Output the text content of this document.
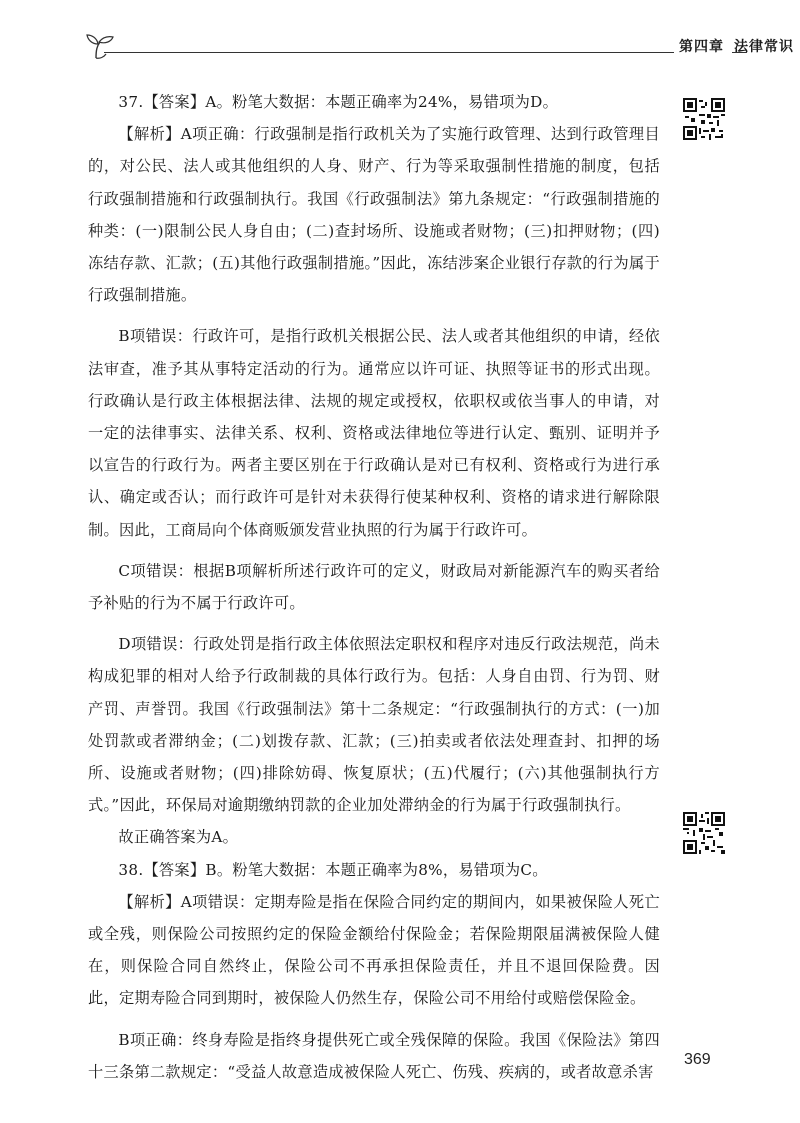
第四章 法律常识

37.【答案】A。粉笔大数据：本题正确率为24%，易错项为D。

【解析】A项正确：行政强制是指行政机关为了实施行政管理、达到行政管理目的，对公民、法人或其他组织的人身、财产、行为等采取强制性措施的制度，包括行政强制措施和行政强制执行。我国《行政强制法》第九条规定：“行政强制措施的种类：(一)限制公民人身自由；(二)查封场所、设施或者财物；(三)扣押财物；(四)冻结存款、汇款；(五)其他行政强制措施。”因此，冻结涉案企业银行存款的行为属于行政强制措施。

B项错误：行政许可，是指行政机关根据公民、法人或者其他组织的申请，经依法审查，准予其从事特定活动的行为。通常应以许可证、执照等证书的形式出现。行政确认是行政主体根据法律、法规的规定或授权，依职权或依当事人的申请，对一定的法律事实、法律关系、权利、资格或法律地位等进行认定、甄别、证明并予以宣告的行政行为。两者主要区别在于行政确认是对已有权利、资格或行为进行承认、确定或否认；而行政许可是针对未获得行使某种权利、资格的请求进行解除限制。因此，工商局向个体商贩颁发营业执照的行为属于行政许可。

C项错误：根据B项解析所述行政许可的定义，财政局对新能源汽车的购买者给予补贴的行为不属于行政许可。

D项错误：行政处罚是指行政主体依照法定职权和程序对违反行政法规范，尚未构成犯罪的相对人给予行政制裁的具体行政行为。包括：人身自由罚、行为罚、财产罚、声誉罚。我国《行政强制法》第十二条规定：“行政强制执行的方式：(一)加处罚款或者滞纳金；(二)划拨存款、汇款；(三)拍卖或者依法处理查封、扣押的场所、设施或者财物；(四)排除妨碍、恢复原状；(五)代履行；(六)其他强制执行方式。”因此，环保局对逾期缴纳罚款的企业加处滞纳金的行为属于行政强制执行。

故正确答案为A。

38.【答案】B。粉笔大数据：本题正确率为8%，易错项为C。

【解析】A项错误：定期寿险是指在保险合同约定的期间内，如果被保险人死亡或全残，则保险公司按照约定的保险金额给付保险金；若保险期限届满被保险人健在，则保险合同自然终止，保险公司不再承担保险责任，并且不退回保险费。因此，定期寿险合同到期时，被保险人仍然生存，保险公司不用给付或赔偿保险金。

B项正确：终身寿险是指终身提供死亡或全残保障的保险。我国《保险法》第四十三条第二款规定：“受益人故意造成被保险人死亡、伤残、疾病的，或者故意杀害

369
